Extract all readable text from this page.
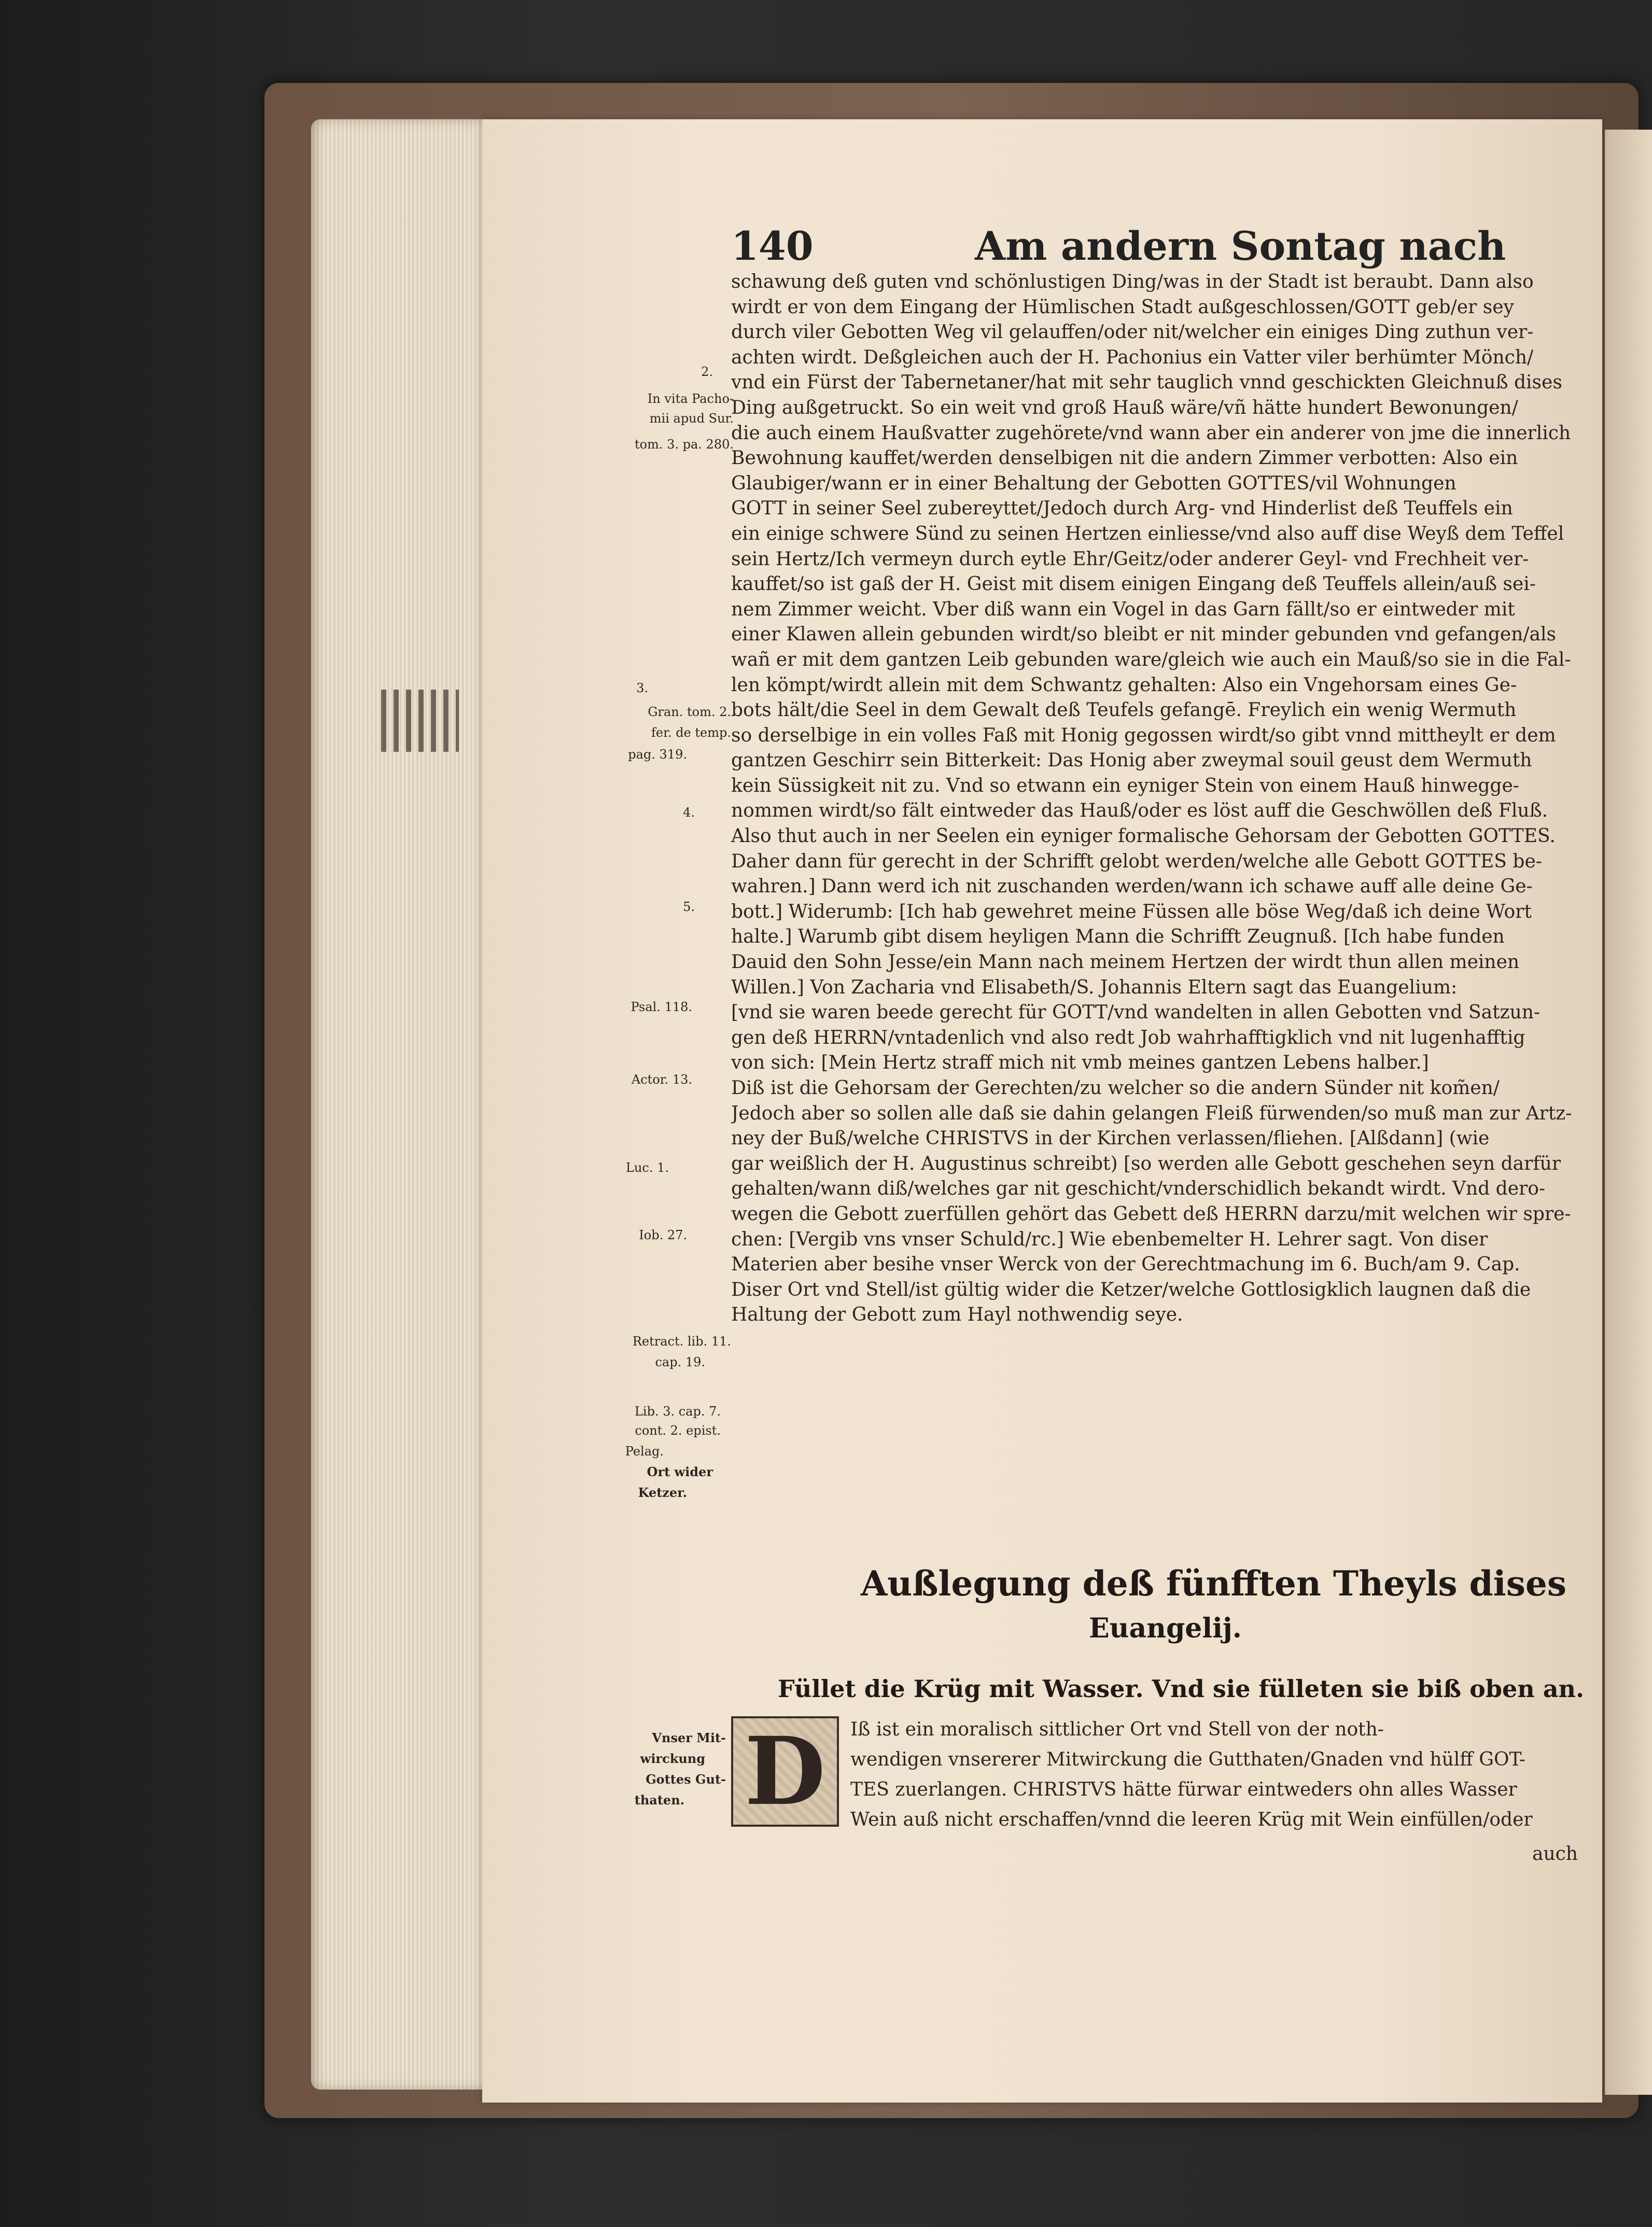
140	Am andern Sontag nach
schawung deß guten vnd schönlustigen Ding/was in der Stadt ist beraubt. Dann also
wirdt er von dem Eingang der Hümlischen Stadt außgeschlossen/GOTT geb/er sey
durch viler Gebotten Weg vil gelauffen/oder nit/welcher ein einiges Ding zuthun ver-
achten wirdt. Deßgleichen auch der H. Pachonius ein Vatter viler berhümter Mönch/
vnd ein Fürst der Tabernetaner/hat mit sehr tauglich vnnd geschickten Gleichnuß dises
Ding außgetruckt. So ein weit vnd groß Hauß wäre/vñ hätte hundert Bewonungen/
die auch einem Haußvatter zugehörete/vnd wann aber ein anderer von jme die innerlich
Bewohnung kauffet/werden denselbigen nit die andern Zimmer verbotten: Also ein
Glaubiger/wann er in einer Behaltung der Gebotten GOTTES/vil Wohnungen
GOTT in seiner Seel zubereyttet/Jedoch durch Arg- vnd Hinderlist deß Teuffels ein
ein einige schwere Sünd zu seinen Hertzen einliesse/vnd also auff dise Weyß dem Teffel
sein Hertz/Ich vermeyn durch eytle Ehr/Geitz/oder anderer Geyl- vnd Frechheit ver-
kauffet/so ist gaß der H. Geist mit disem einigen Eingang deß Teuffels allein/auß sei-
nem Zimmer weicht. Vber diß wann ein Vogel in das Garn fällt/so er eintweder mit
einer Klawen allein gebunden wirdt/so bleibt er nit minder gebunden vnd gefangen/als
wañ er mit dem gantzen Leib gebunden ware/gleich wie auch ein Mauß/so sie in die Fal-
len kömpt/wirdt allein mit dem Schwantz gehalten: Also ein Vngehorsam eines Ge-
bots hält/die Seel in dem Gewalt deß Teufels gefangē. Freylich ein wenig Wermuth
so derselbige in ein volles Faß mit Honig gegossen wirdt/so gibt vnnd mittheylt er dem
gantzen Geschirr sein Bitterkeit: Das Honig aber zweymal souil geust dem Wermuth
kein Süssigkeit nit zu. Vnd so etwann ein eyniger Stein von einem Hauß hinwegge-
nommen wirdt/so fält eintweder das Hauß/oder es löst auff die Geschwöllen deß Fluß.
Also thut auch in ner Seelen ein eyniger formalische Gehorsam der Gebotten GOTTES.
Daher dann für gerecht in der Schrifft gelobt werden/welche alle Gebott GOTTES be-
wahren.] Dann werd ich nit zuschanden werden/wann ich schawe auff alle deine Ge-
bott.] Widerumb: [Ich hab gewehret meine Füssen alle böse Weg/daß ich deine Wort
halte.] Warumb gibt disem heyligen Mann die Schrifft Zeugnuß. [Ich habe funden
Dauid den Sohn Jesse/ein Mann nach meinem Hertzen der wirdt thun allen meinen
Willen.] Von Zacharia vnd Elisabeth/S. Johannis Eltern sagt das Euangelium:
[vnd sie waren beede gerecht für GOTT/vnd wandelten in allen Gebotten vnd Satzun-
gen deß HERRN/vntadenlich vnd also redt Job wahrhafftigklich vnd nit lugenhafftig
von sich: [Mein Hertz straff mich nit vmb meines gantzen Lebens halber.]
Diß ist die Gehorsam der Gerechten/zu welcher so die andern Sünder nit kom̃en/
Jedoch aber so sollen alle daß sie dahin gelangen Fleiß fürwenden/so muß man zur Artz-
ney der Buß/welche CHRISTVS in der Kirchen verlassen/fliehen. [Alßdann] (wie
gar weißlich der H. Augustinus schreibt) [so werden alle Gebott geschehen seyn darfür
gehalten/wann diß/welches gar nit geschicht/vnderschidlich bekandt wirdt. Vnd dero-
wegen die Gebott zuerfüllen gehört das Gebett deß HERRN darzu/mit welchen wir spre-
chen: [Vergib vns vnser Schuld/rc.] Wie ebenbemelter H. Lehrer sagt. Von diser
Materien aber besihe vnser Werck von der Gerechtmachung im 6. Buch/am 9. Cap.
Diser Ort vnd Stell/ist gültig wider die Ketzer/welche Gottlosigklich laugnen daß die
Haltung der Gebott zum Hayl nothwendig seye.
2.
In vita Pacho-
mii apud Sur.
tom. 3. pa. 280.
3.
Gran. tom. 2.
fer. de temp.
pag. 319.
4.
5.
Psal. 118.
Actor. 13.
Luc. 1.
Iob. 27.
Retract. lib. 11.
cap. 19.
Lib. 3. cap. 7.
cont. 2. epist.
Pelag.
Ort wider
Ketzer.
Vnser Mit-
wirckung
Gottes Gut-
thaten.
Außlegung deß fünfften Theyls dises
Euangelij.
Füllet die Krüg mit Wasser. Vnd sie fülleten sie biß oben an.
D	Iß ist ein moralisch sittlicher Ort vnd Stell von der noth-
wendigen vnsererer Mitwirckung die Gutthaten/Gnaden vnd hülff GOT-
TES zuerlangen. CHRISTVS hätte fürwar eintweders ohn alles Wasser
Wein auß nicht erschaffen/vnnd die leeren Krüg mit Wein einfüllen/oder
auch
